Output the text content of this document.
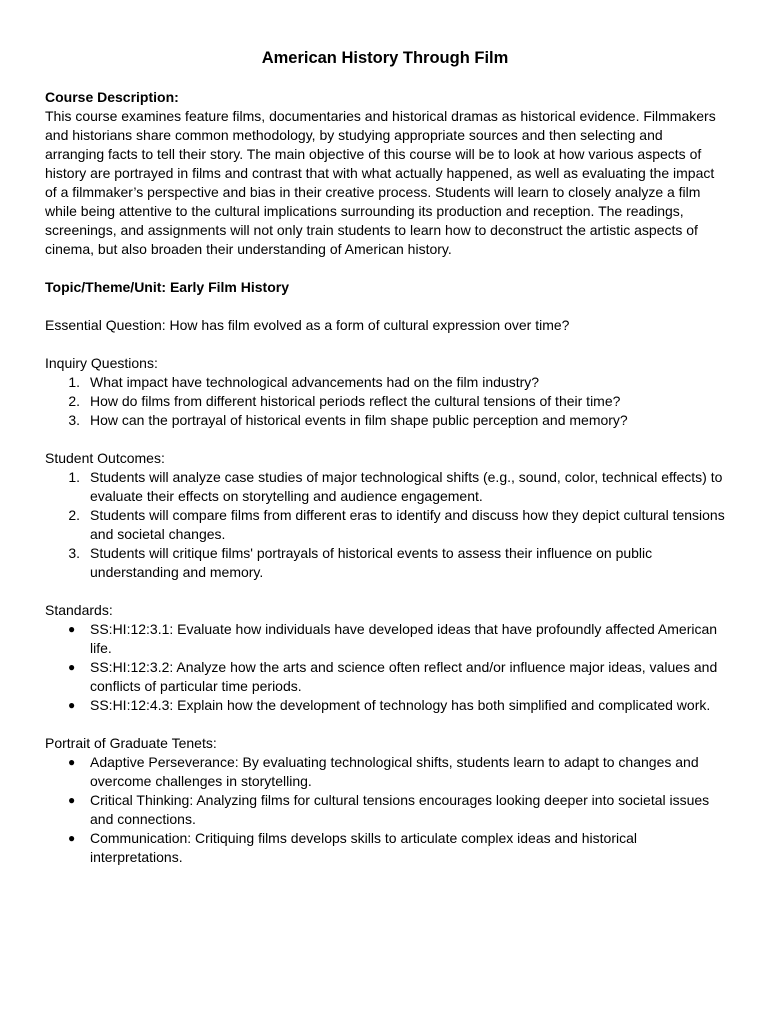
American History Through Film

Course Description:

This course examines feature films, documentaries and historical dramas as historical evidence. Filmmakers and historians share common methodology, by studying appropriate sources and then selecting and arranging facts to tell their story. The main objective of this course will be to look at how various aspects of history are portrayed in films and contrast that with what actually happened, as well as evaluating the impact of a filmmaker’s perspective and bias in their creative process. Students will learn to closely analyze a film while being attentive to the cultural implications surrounding its production and reception. The readings, screenings, and assignments will not only train students to learn how to deconstruct the artistic aspects of cinema, but also broaden their understanding of American history.

Topic/Theme/Unit: Early Film History

Essential Question: How has film evolved as a form of cultural expression over time?

Inquiry Questions:

1. What impact have technological advancements had on the film industry?
2. How do films from different historical periods reflect the cultural tensions of their time?
3. How can the portrayal of historical events in film shape public perception and memory?

Student Outcomes:

1. Students will analyze case studies of major technological shifts (e.g., sound, color, technical effects) to evaluate their effects on storytelling and audience engagement.
2. Students will compare films from different eras to identify and discuss how they depict cultural tensions and societal changes.
3. Students will critique films' portrayals of historical events to assess their influence on public understanding and memory.

Standards:

● SS:HI:12:3.1: Evaluate how individuals have developed ideas that have profoundly affected American life.
● SS:HI:12:3.2: Analyze how the arts and science often reflect and/or influence major ideas, values and conflicts of particular time periods.
● SS:HI:12:4.3: Explain how the development of technology has both simplified and complicated work.

Portrait of Graduate Tenets:

● Adaptive Perseverance: By evaluating technological shifts, students learn to adapt to changes and overcome challenges in storytelling.
● Critical Thinking: Analyzing films for cultural tensions encourages looking deeper into societal issues and connections.
● Communication: Critiquing films develops skills to articulate complex ideas and historical interpretations.
